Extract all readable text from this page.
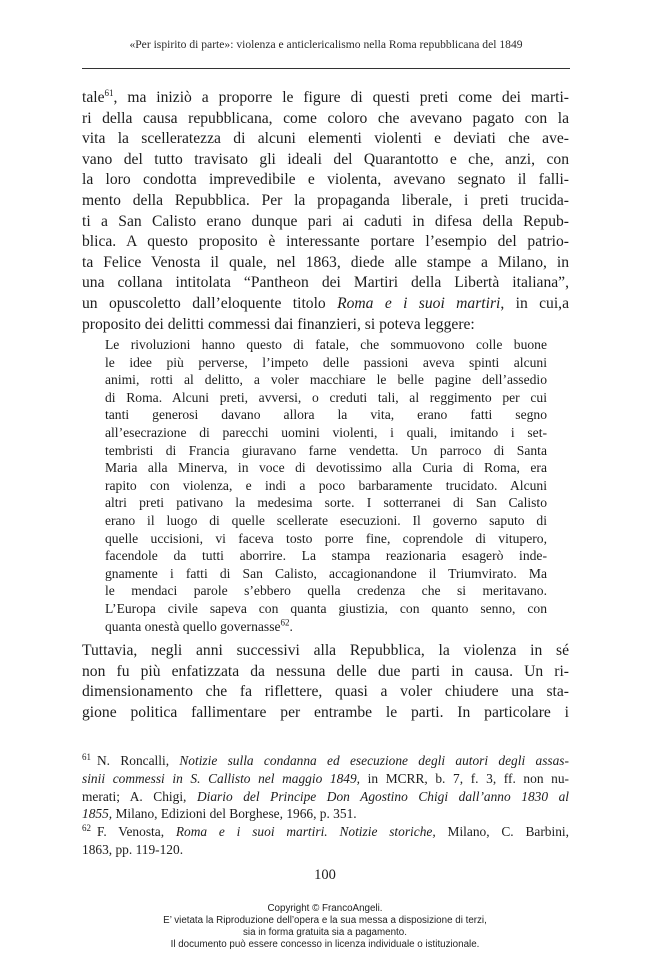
«Per ispirito di parte»: violenza e anticlericalismo nella Roma repubblicana del 1849
tale$^{61}$, ma iniziò a proporre le figure di questi preti come dei marti-
ri della causa repubblicana, come coloro che avevano pagato con la
vita la scelleratezza di alcuni elementi violenti e deviati che ave-
vano del tutto travisato gli ideali del Quarantotto e che, anzi, con
la loro condotta imprevedibile e violenta, avevano segnato il falli-
mento della Repubblica. Per la propaganda liberale, i preti trucida-
ti a San Calisto erano dunque pari ai caduti in difesa della Repub-
blica. A questo proposito è interessante portare l’esempio del patrio-
ta Felice Venosta il quale, nel 1863, diede alle stampe a Milano, in
una collana intitolata “Pantheon dei Martiri della Libertà italiana”,
un opuscoletto dall’eloquente titolo Roma e i suoi martiri, in cui,a
proposito dei delitti commessi dai finanzieri, si poteva leggere:
Le rivoluzioni hanno questo di fatale, che sommuovono colle buone
le idee più perverse, l’impeto delle passioni aveva spinti alcuni
animi, rotti al delitto, a voler macchiare le belle pagine dell’assedio
di Roma. Alcuni preti, avversi, o creduti tali, al reggimento per cui
tanti generosi davano allora la vita, erano fatti segno
all’esecrazione di parecchi uomini violenti, i quali, imitando i set-
tembristi di Francia giuravano farne vendetta. Un parroco di Santa
Maria alla Minerva, in voce di devotissimo alla Curia di Roma, era
rapito con violenza, e indi a poco barbaramente trucidato. Alcuni
altri preti pativano la medesima sorte. I sotterranei di San Calisto
erano il luogo di quelle scellerate esecuzioni. Il governo saputo di
quelle uccisioni, vi faceva tosto porre fine, coprendole di vitupero,
facendole da tutti aborrire. La stampa reazionaria esagerò inde-
gnamente i fatti di San Calisto, accagionandone il Triumvirato. Ma
le mendaci parole s’ebbero quella credenza che si meritavano.
L’Europa civile sapeva con quanta giustizia, con quanto senno, con
quanta onestà quello governasse$^{62}$.
Tuttavia, negli anni successivi alla Repubblica, la violenza in sé
non fu più enfatizzata da nessuna delle due parti in causa. Un ri-
dimensionamento che fa riflettere, quasi a voler chiudere una sta-
gione politica fallimentare per entrambe le parti. In particolare i
$^{61}$ N. Roncalli, Notizie sulla condanna ed esecuzione degli autori degli assas-
sinii commessi in S. Callisto nel maggio 1849, in MCRR, b. 7, f. 3, ff. non nu-
merati; A. Chigi, Diario del Principe Don Agostino Chigi dall’anno 1830 al
1855, Milano, Edizioni del Borghese, 1966, p. 351.
$^{62}$ F. Venosta, Roma e i suoi martiri. Notizie storiche, Milano, C. Barbini,
1863, pp. 119-120.
100
Copyright © FrancoAngeli.
E’ vietata la Riproduzione dell’opera e la sua messa a disposizione di terzi,
sia in forma gratuita sia a pagamento.
Il documento può essere concesso in licenza individuale o istituzionale.
